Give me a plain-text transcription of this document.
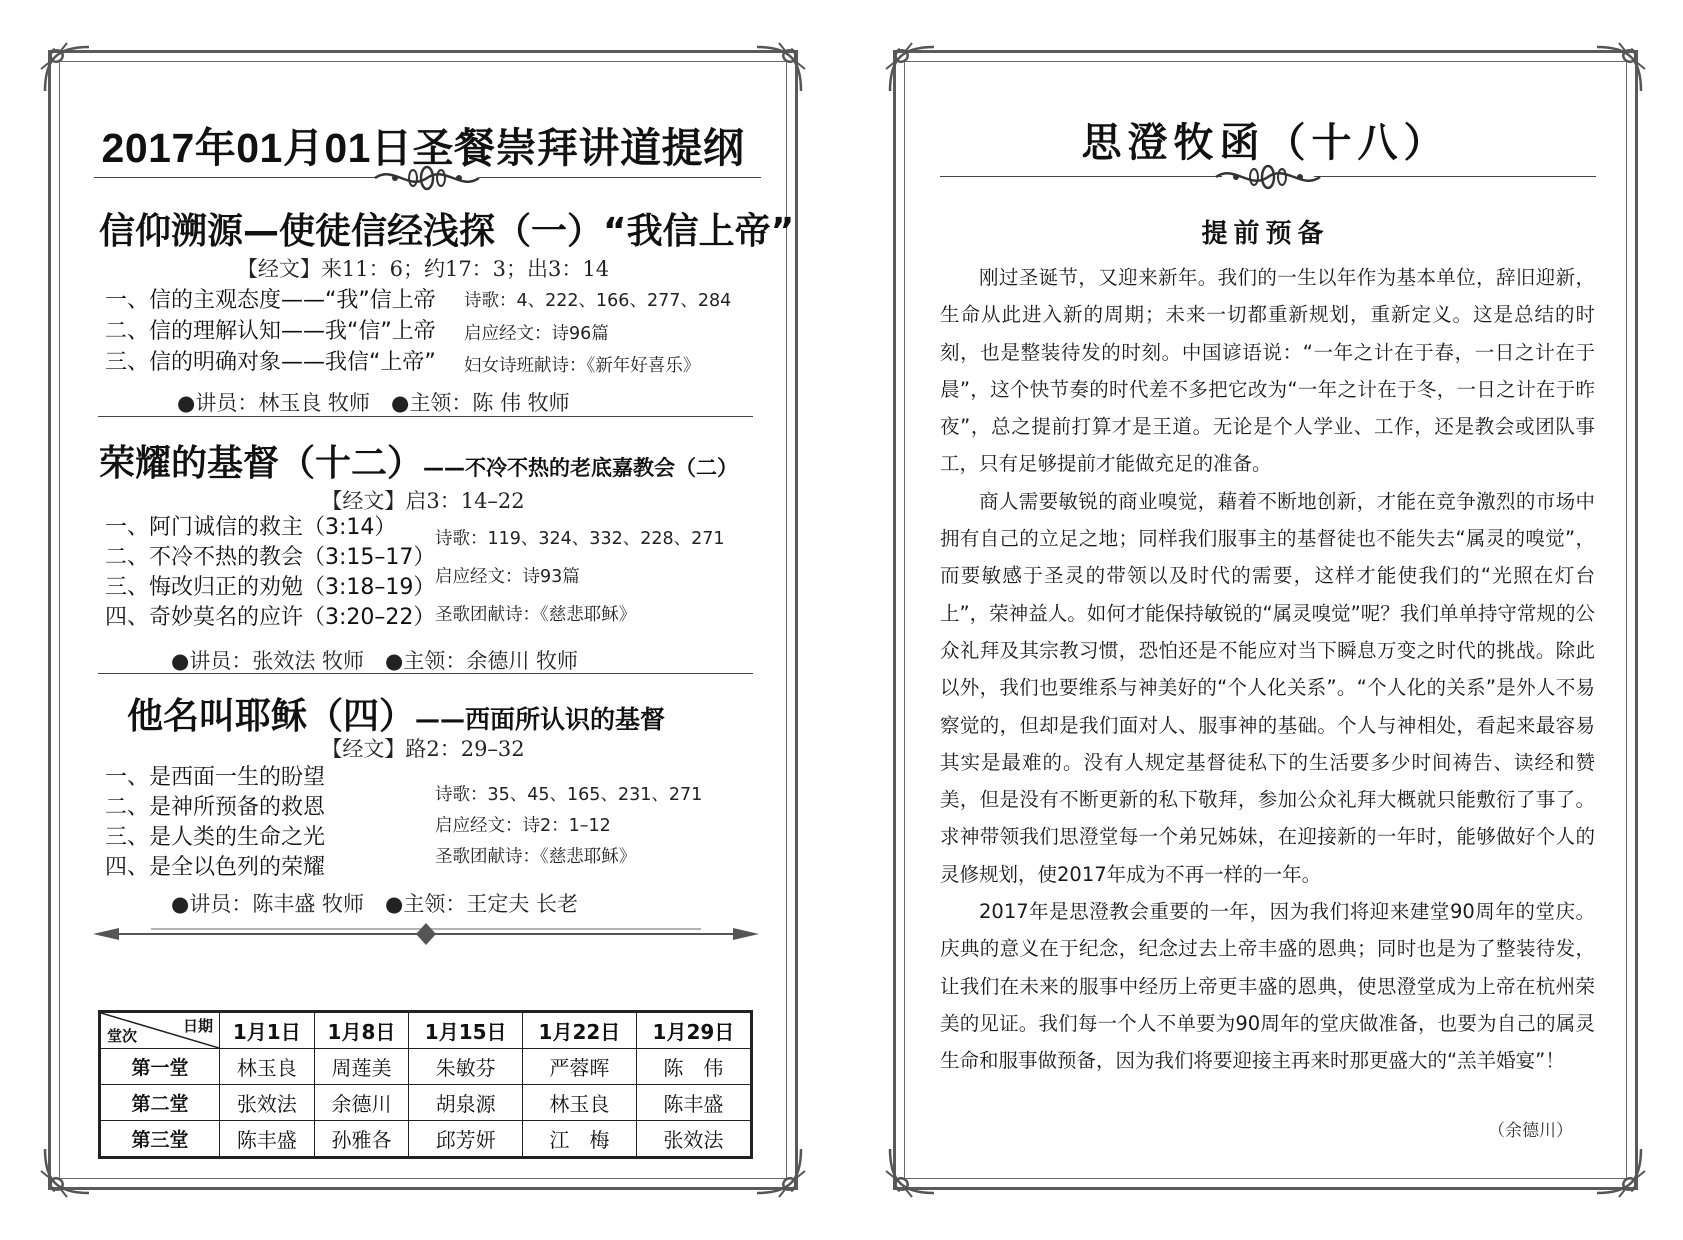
2017年01月01日圣餐崇拜讲道提纲
信仰溯源—使徒信经浅探（一）“我信上帝”
【经文】来11：6；约17：3；出3：14
一、信的主观态度——“我”信上帝
二、信的理解认知——我“信”上帝
三、信的明确对象——我信“上帝”
诗歌：4、222、166、277、284
启应经文：诗96篇
妇女诗班献诗：《新年好喜乐》
●讲员：林玉良 牧师　●主领：陈 伟 牧师
荣耀的基督（十二）——不冷不热的老底嘉教会（二）
【经文】启3：14–22
一、阿门诚信的救主（3:14）
二、不冷不热的教会（3:15–17）
三、悔改归正的劝勉（3:18–19）
四、奇妙莫名的应许（3:20–22）
诗歌：119、324、332、228、271
启应经文：诗93篇
圣歌团献诗：《慈悲耶稣》
●讲员：张效法 牧师　●主领：余德川 牧师
他名叫耶稣（四）——西面所认识的基督
【经文】路2：29–32
一、是西面一生的盼望
二、是神所预备的救恩
三、是人类的生命之光
四、是全以色列的荣耀
诗歌：35、45、165、231、271
启应经文：诗2：1–12
圣歌团献诗：《慈悲耶稣》
●讲员：陈丰盛 牧师　●主领：王定夫 长老
日期
堂次	1月1日	1月8日	1月15日	1月22日	1月29日
第一堂	林玉良	周莲美	朱敏芬	严蓉晖	陈　伟
第二堂	张效法	余德川	胡泉源	林玉良	陈丰盛
第三堂	陈丰盛	孙雅各	邱芳妍	江　梅	张效法
思澄牧函（十八）
提前预备

刚过圣诞节，又迎来新年。我们的一生以年作为基本单位，辞旧迎新，生命从此进入新的周期；未来一切都重新规划，重新定义。这是总结的时刻，也是整装待发的时刻。中国谚语说：“一年之计在于春，一日之计在于晨”，这个快节奏的时代差不多把它改为“一年之计在于冬，一日之计在于昨夜”，总之提前打算才是王道。无论是个人学业、工作，还是教会或团队事工，只有足够提前才能做充足的准备。

商人需要敏锐的商业嗅觉，藉着不断地创新，才能在竞争激烈的市场中拥有自己的立足之地；同样我们服事主的基督徒也不能失去“属灵的嗅觉”，而要敏感于圣灵的带领以及时代的需要，这样才能使我们的“光照在灯台上”，荣神益人。如何才能保持敏锐的“属灵嗅觉”呢？我们单单持守常规的公众礼拜及其宗教习惯，恐怕还是不能应对当下瞬息万变之时代的挑战。除此以外，我们也要维系与神美好的“个人化关系”。“个人化的关系”是外人不易察觉的，但却是我们面对人、服事神的基础。个人与神相处，看起来最容易其实是最难的。没有人规定基督徒私下的生活要多少时间祷告、读经和赞美，但是没有不断更新的私下敬拜，参加公众礼拜大概就只能敷衍了事了。求神带领我们思澄堂每一个弟兄姊妹，在迎接新的一年时，能够做好个人的灵修规划，使2017年成为不再一样的一年。

2017年是思澄教会重要的一年，因为我们将迎来建堂90周年的堂庆。庆典的意义在于纪念，纪念过去上帝丰盛的恩典；同时也是为了整装待发，让我们在未来的服事中经历上帝更丰盛的恩典，使思澄堂成为上帝在杭州荣美的见证。我们每一个人不单要为90周年的堂庆做准备，也要为自己的属灵生命和服事做预备，因为我们将要迎接主再来时那更盛大的“羔羊婚宴”！

（余德川）
